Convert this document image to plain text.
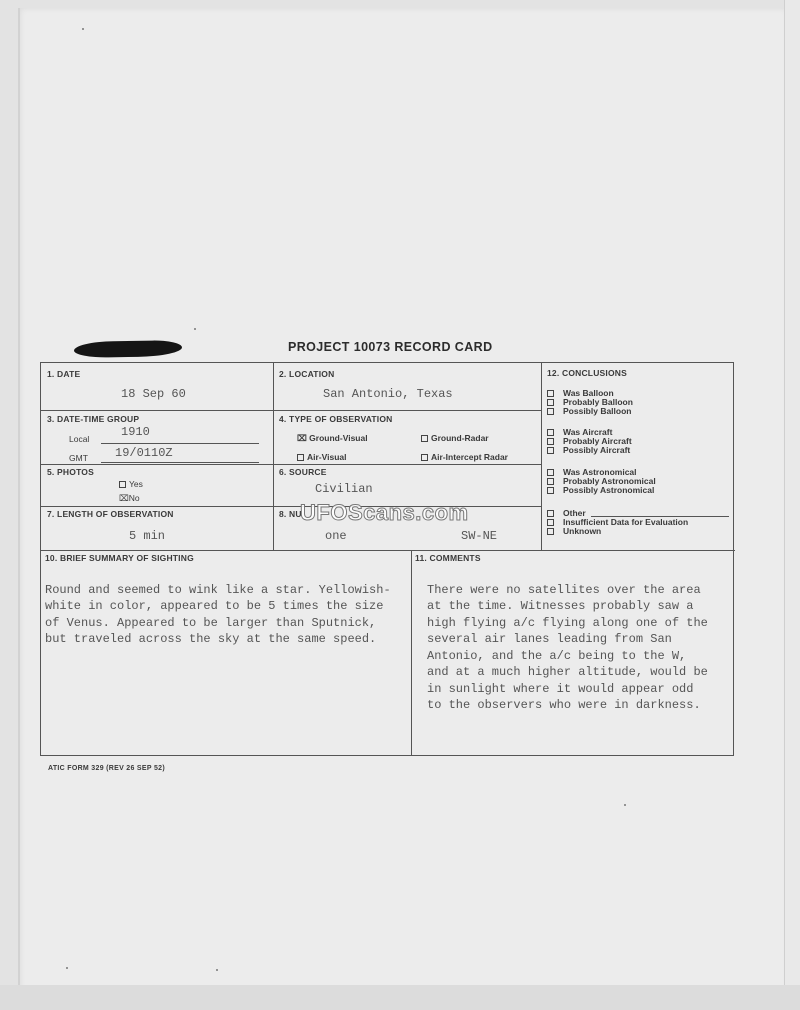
PROJECT 10073 RECORD CARD
1. DATE
18 Sep 60
2. LOCATION
San Antonio, Texas
3. DATE-TIME GROUP
Local	1910
GMT 19/0110Z
4. TYPE OF OBSERVATION
⌧ Ground-Visual	Ground-Radar
Air-Visual	Air-Intercept Radar
5. PHOTOS
Yes
⌧No
6. SOURCE
Civilian
7. LENGTH OF OBSERVATION
5 min
8. NU
one	SW-NE
10. BRIEF SUMMARY OF SIGHTING

Round and seemed to wink like a star. Yellowish-
white in color, appeared to be 5 times the size
of Venus. Appeared to be larger than Sputnick,
but traveled across the sky at the same speed.
11. COMMENTS

There were no satellites over the area
at the time. Witnesses probably saw a
high flying a/c flying along one of the
several air lanes leading from San
Antonio, and the a/c being to the W,
and at a much higher altitude, would be
in sunlight where it would appear odd
to the observers who were in darkness.
12. CONCLUSIONS
Was Balloon
Probably Balloon
Possibly Balloon
Was Aircraft
Probably Aircraft
Possibly Aircraft
Was Astronomical
Probably Astronomical
Possibly Astronomical
Other
Insufficient Data for Evaluation
Unknown
UFOScans.com
ATIC FORM 329 (REV 26 SEP 52)
